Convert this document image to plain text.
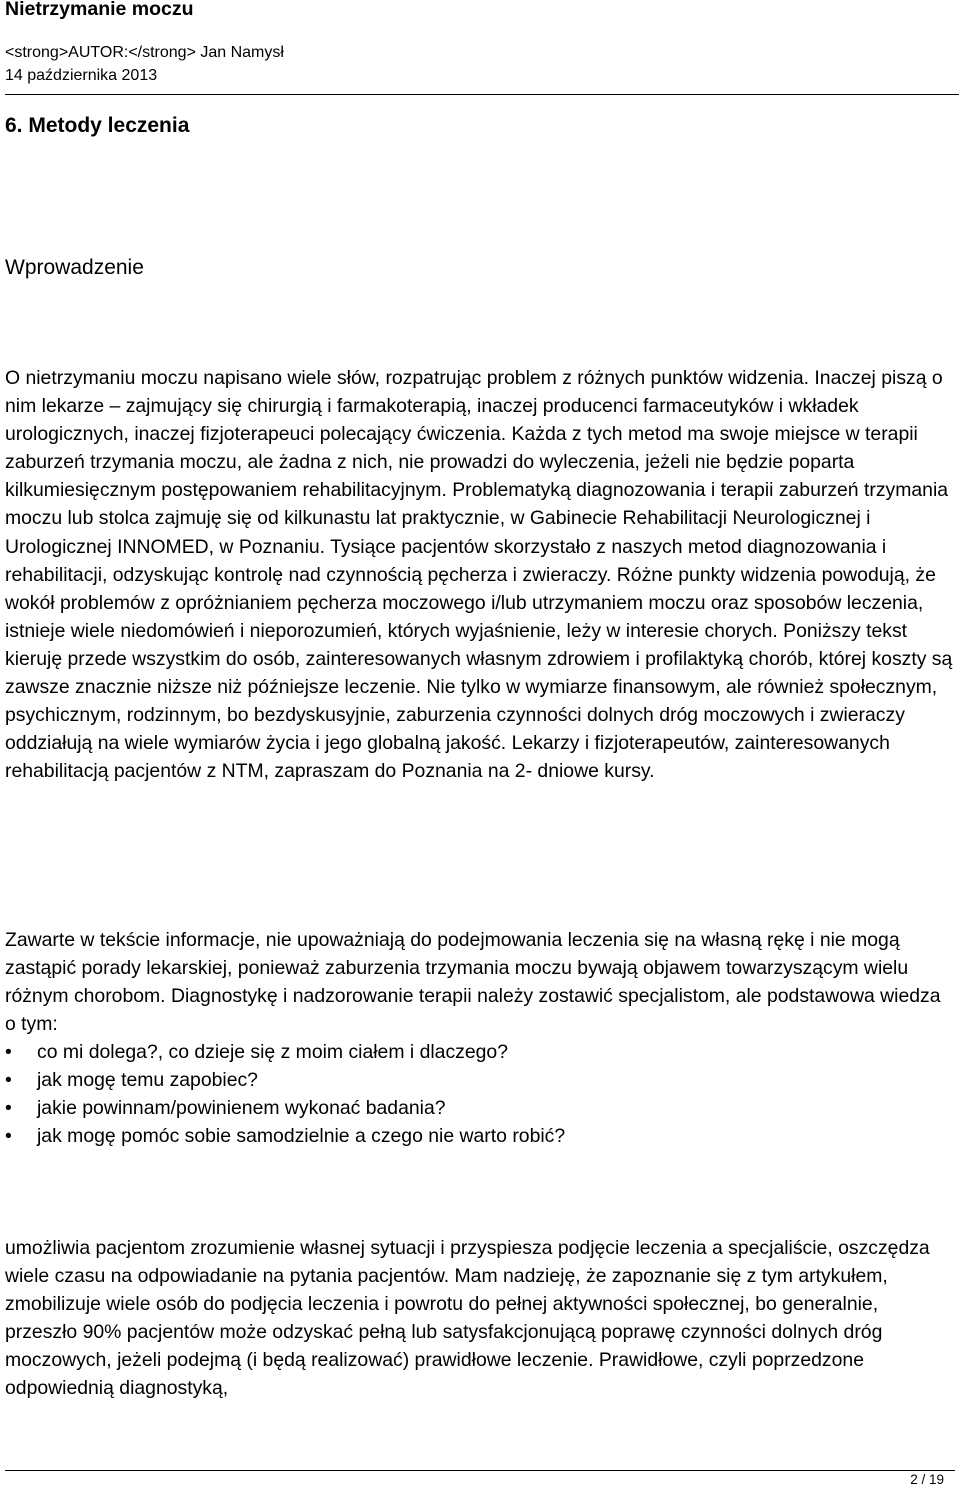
Nietrzymanie moczu
<strong>AUTOR:</strong> Jan Namysł
14 października 2013
6. Metody leczenia
Wprowadzenie

O nietrzymaniu moczu napisano wiele słów, rozpatrując problem z różnych punktów widzenia. Inaczej piszą o nim lekarze – zajmujący się chirurgią i farmakoterapią, inaczej producenci farmaceutyków i wkładek urologicznych, inaczej fizjoterapeuci polecający ćwiczenia. Każda z tych metod ma swoje miejsce w terapii zaburzeń trzymania moczu, ale żadna z nich, nie prowadzi do wyleczenia, jeżeli nie będzie poparta kilkumiesięcznym postępowaniem rehabilitacyjnym. Problematyką diagnozowania i terapii zaburzeń trzymania moczu lub stolca zajmuję się od kilkunastu lat praktycznie, w Gabinecie Rehabilitacji Neurologicznej i Urologicznej INNOMED, w Poznaniu. Tysiące pacjentów skorzystało z naszych metod diagnozowania i rehabilitacji, odzyskując kontrolę nad czynnością pęcherza i zwieraczy. Różne punkty widzenia powodują, że wokół problemów z opróżnianiem pęcherza moczowego i/lub utrzymaniem moczu oraz sposobów leczenia, istnieje wiele niedomówień i nieporozumień, których wyjaśnienie, leży w interesie chorych. Poniższy tekst kieruję przede wszystkim do osób, zainteresowanych własnym zdrowiem i profilaktyką chorób, której koszty są zawsze znacznie niższe niż późniejsze leczenie. Nie tylko w wymiarze finansowym, ale również społecznym, psychicznym, rodzinnym, bo bezdyskusyjnie, zaburzenia czynności dolnych dróg moczowych i zwieraczy oddziałują na wiele wymiarów życia i jego globalną jakość. Lekarzy i fizjoterapeutów, zainteresowanych rehabilitacją pacjentów z NTM, zapraszam do Poznania na 2- dniowe kursy.

Zawarte w tekście informacje, nie upoważniają do podejmowania leczenia się na własną rękę i nie mogą zastąpić porady lekarskiej, ponieważ zaburzenia trzymania moczu bywają objawem towarzyszącym wielu różnym chorobom. Diagnostykę i nadzorowanie terapii należy zostawić specjalistom, ale podstawowa wiedza o tym:

• co mi dolega?, co dzieje się z moim ciałem i dlaczego?
• jak mogę temu zapobiec?
• jakie powinnam/powinienem wykonać badania?
• jak mogę pomóc sobie samodzielnie a czego nie warto robić?

umożliwia pacjentom zrozumienie własnej sytuacji i przyspiesza podjęcie leczenia a specjaliście, oszczędza wiele czasu na odpowiadanie na pytania pacjentów. Mam nadzieję, że zapoznanie się z tym artykułem, zmobilizuje wiele osób do podjęcia leczenia i powrotu do pełnej aktywności społecznej, bo generalnie, przeszło 90% pacjentów może odzyskać pełną lub satysfakcjonującą poprawę czynności dolnych dróg moczowych, jeżeli podejmą (i będą realizować) prawidłowe leczenie. Prawidłowe, czyli poprzedzone odpowiednią diagnostyką,

2 / 19
